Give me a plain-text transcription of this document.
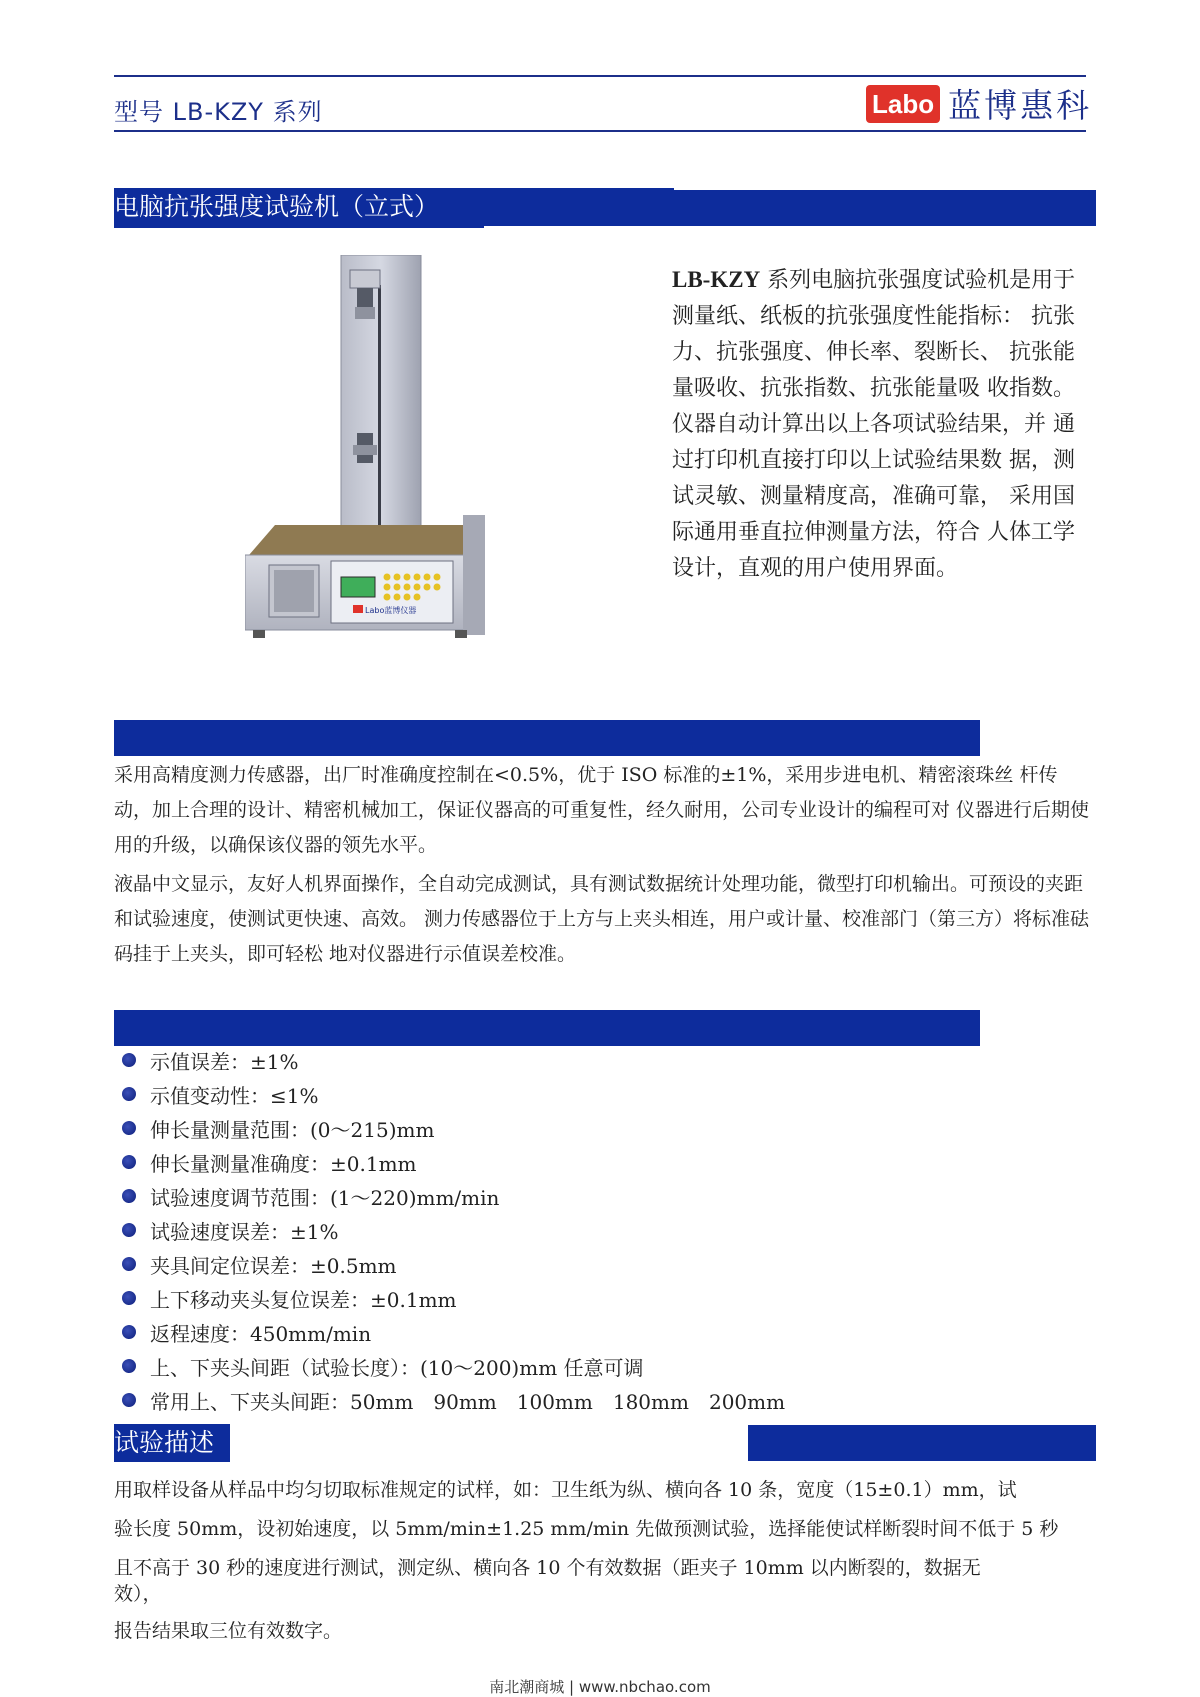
型号 LB-KZY 系列	Labo 蓝博惠科
电脑抗张强度试验机（立式）
Labo蓝博仪器
LB-KZY 系列电脑抗张强度试验机是用于测量纸、纸板的抗张强度性能指标： 抗张力、抗张强度、伸长率、裂断长、 抗张能量吸收、抗张指数、抗张能量吸 收指数。 仪器自动计算出以上各项试验结果，并 通过打印机直接打印以上试验结果数 据，测试灵敏、测量精度高，准确可靠， 采用国际通用垂直拉伸测量方法，符合 人体工学设计，直观的用户使用界面。
采用高精度测力传感器，出厂时准确度控制在<0.5%，优于 ISO 标准的±1%，采用步进电机、精密滚珠丝 杆传动，加上合理的设计、精密机械加工，保证仪器高的可重复性，经久耐用，公司专业设计的编程可对 仪器进行后期使用的升级，以确保该仪器的领先水平。
液晶中文显示，友好人机界面操作，全自动完成测试，具有测试数据统计处理功能，微型打印机输出。可预设的夹距和试验速度，使测试更快速、高效。 测力传感器位于上方与上夹头相连，用户或计量、校准部门（第三方）将标准砝码挂于上夹头，即可轻松 地对仪器进行示值误差校准。
示值误差：±1%
示值变动性：≤1%
伸长量测量范围：(0～215)mm
伸长量测量准确度：±0.1mm
试验速度调节范围：(1～220)mm/min
试验速度误差：±1%
夹具间定位误差：±0.5mm
上下移动夹头复位误差：±0.1mm
返程速度：450mm/min
上、下夹头间距（试验长度）：(10～200)mm 任意可调
常用上、下夹头间距：50mm　90mm　100mm　180mm　200mm
试验描述
用取样设备从样品中均匀切取标准规定的试样，如：卫生纸为纵、横向各 10 条，宽度（15±0.1）mm，试
验长度 50mm，设初始速度，以 5mm/min±1.25 mm/min 先做预测试验，选择能使试样断裂时间不低于 5 秒
且不高于 30 秒的速度进行测试，测定纵、横向各 10 个有效数据（距夹子 10mm 以内断裂的，数据无
效），
报告结果取三位有效数字。
南北潮商城 | www.nbchao.com
